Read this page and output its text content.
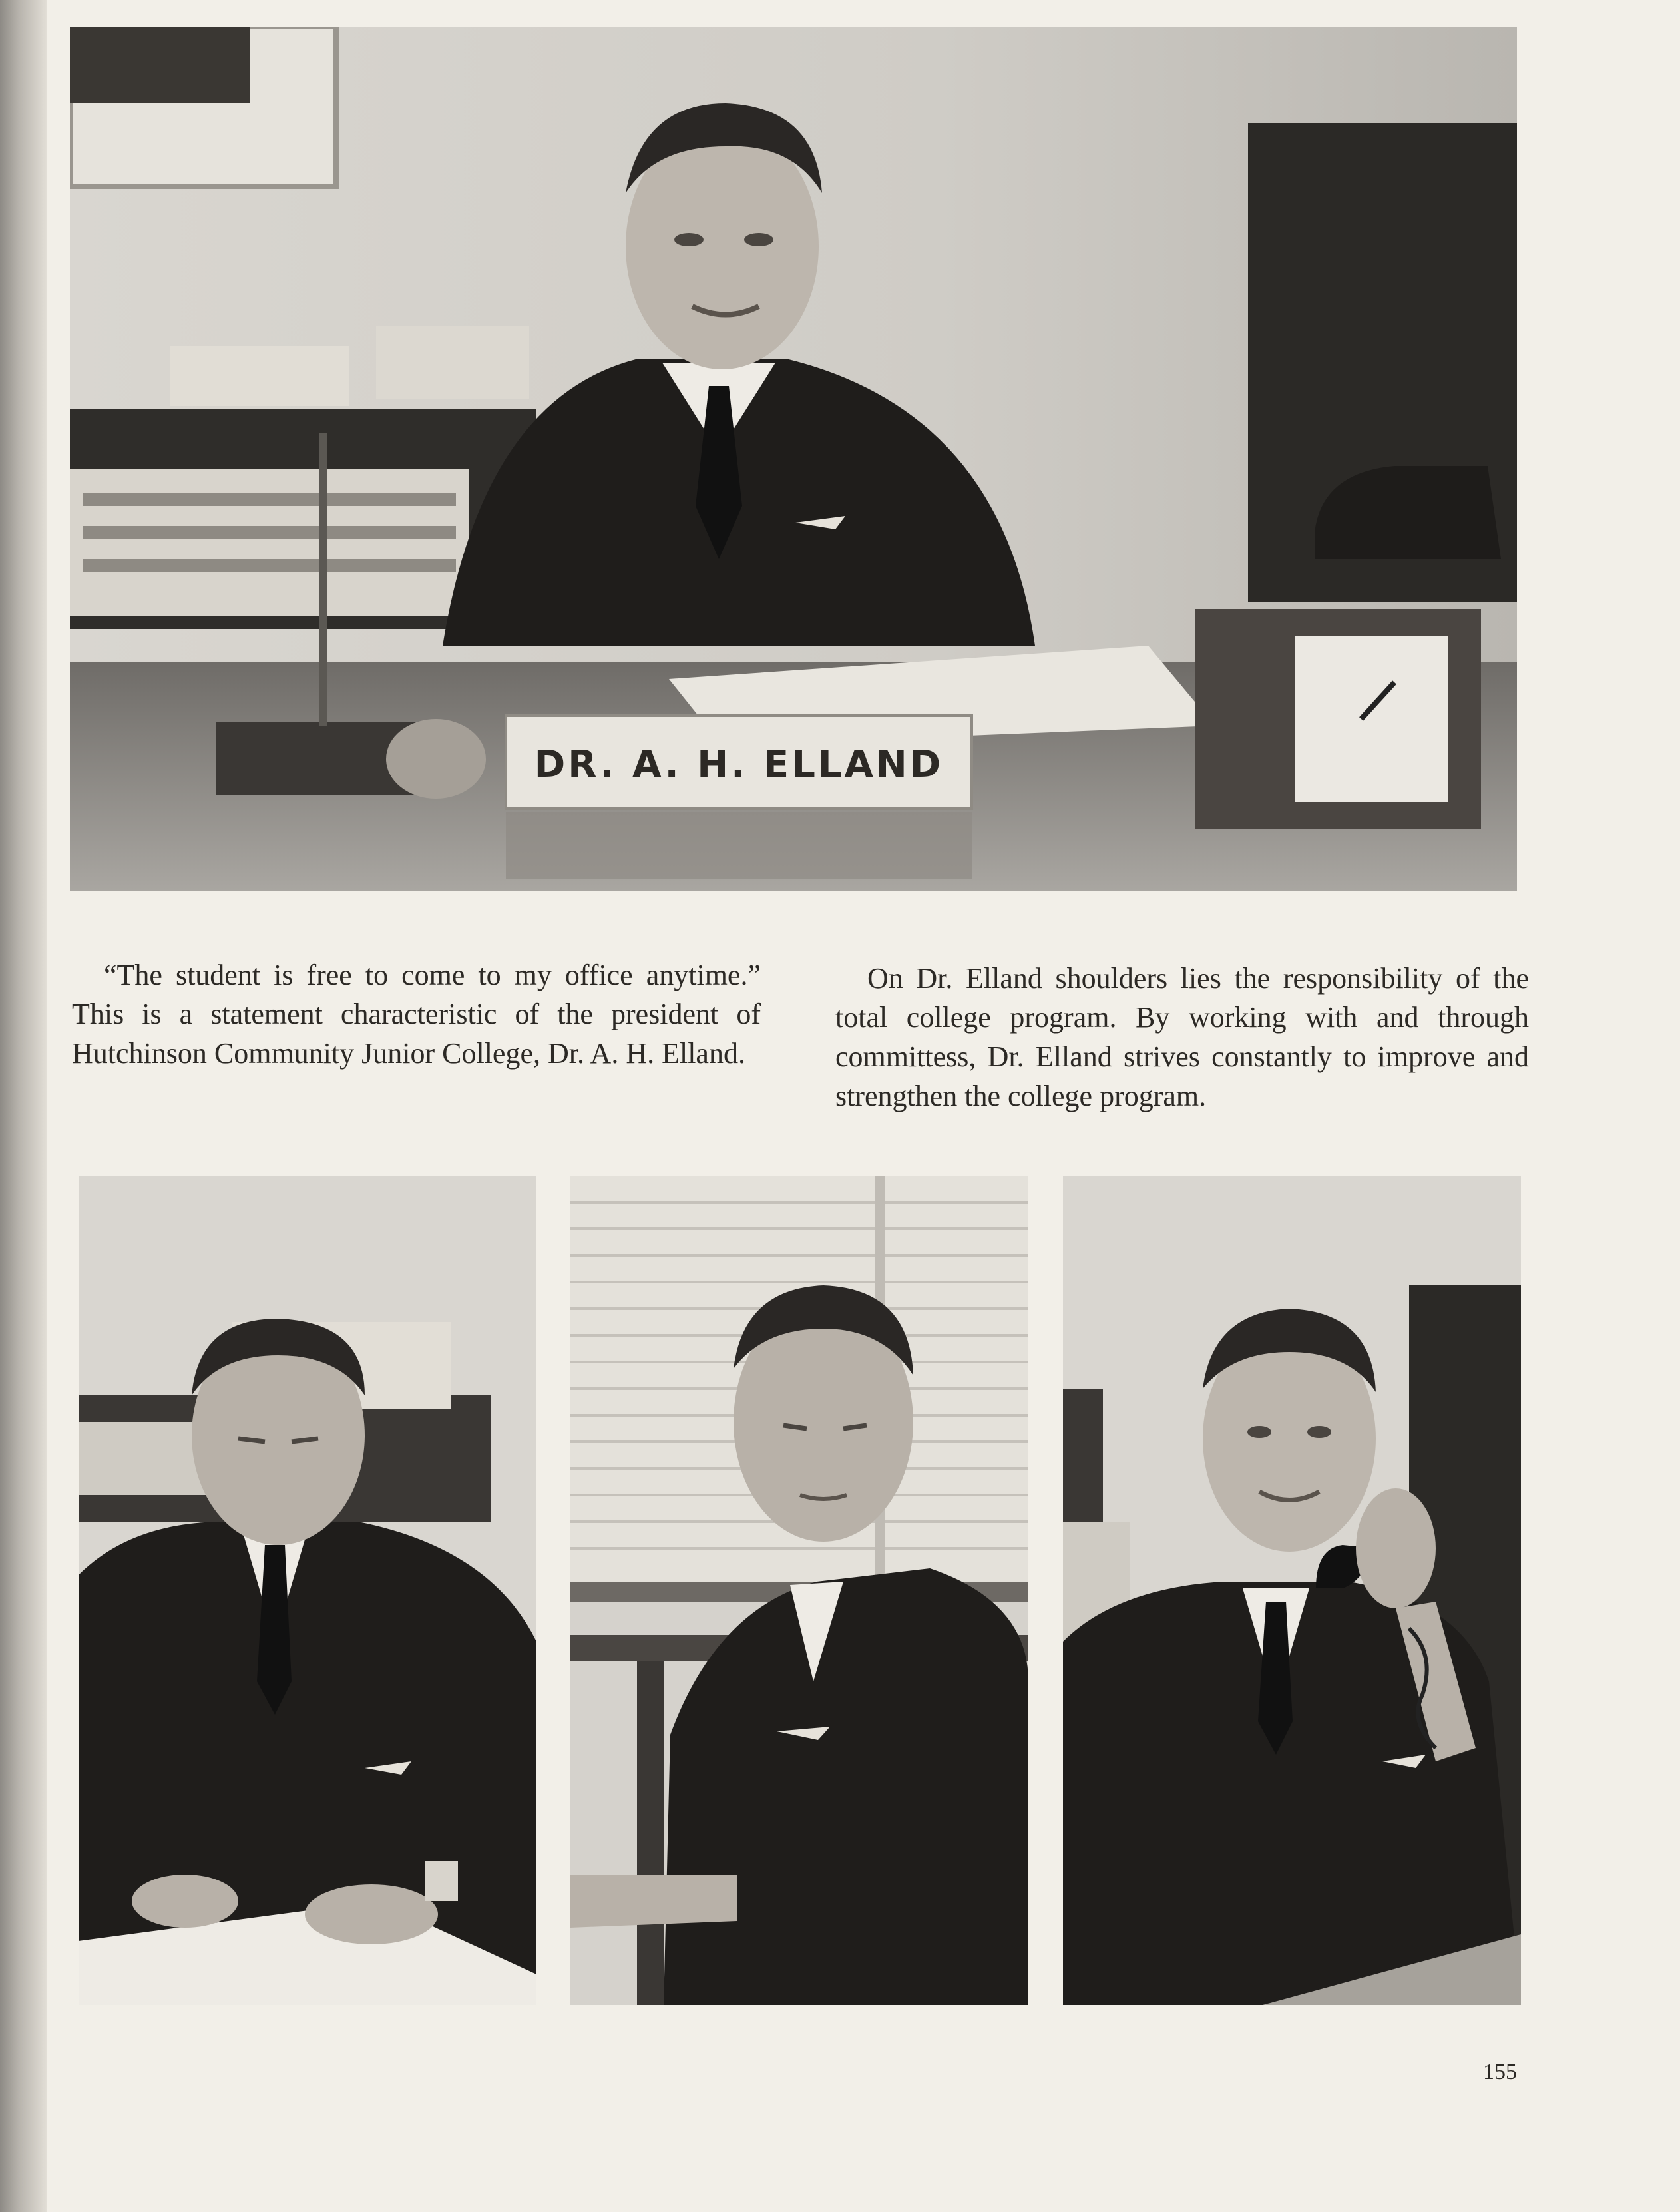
DR. A. H. ELLAND
“The student is free to come to my office anytime.” This is a statement characteristic of the president of Hutchinson Community Junior College, Dr. A. H. Elland.
On Dr. Elland shoulders lies the responsibility of the total college program. By working with and through committess, Dr. Elland strives constantly to improve and strengthen the college program.
155
